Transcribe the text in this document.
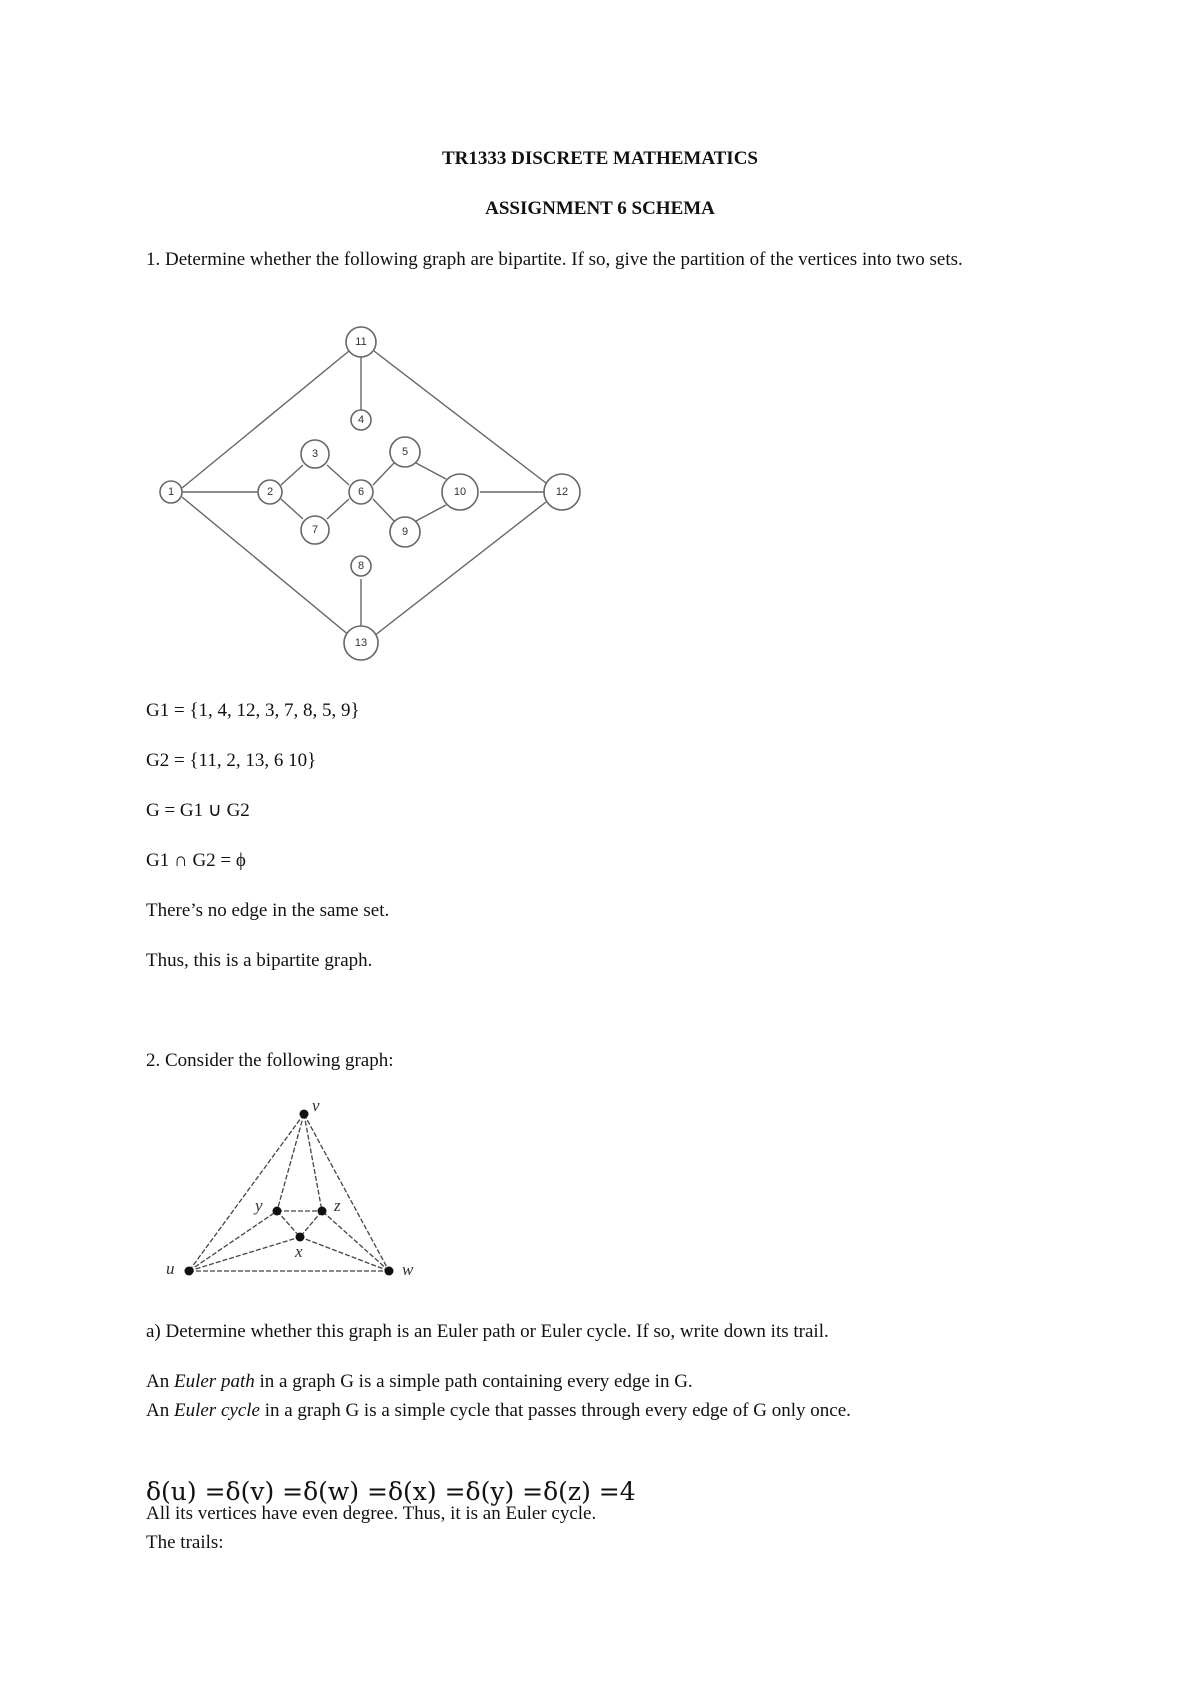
TR1333 DISCRETE MATHEMATICS

ASSIGNMENT 6 SCHEMA

1. Determine whether the following graph are bipartite. If so, give the partition of the vertices into two sets.

11
4
3	5
1	2	6	10	12
7	9
8
13

G1 = {1, 4, 12, 3, 7, 8, 5, 9}

G2 = {11, 2, 13, 6 10}

G = G1 ∪ G2

G1 ∩ G2 = ϕ

There’s no edge in the same set.

Thus, this is a bipartite graph.

2. Consider the following graph:

v
y	z
x
u	w

a) Determine whether this graph is an Euler path or Euler cycle. If so, write down its trail.

An Euler path in a graph G is a simple path containing every edge in G.

An Euler cycle in a graph G is a simple cycle that passes through every edge of G only once.

δ(u) =δ(v) =δ(w) =δ(x) =δ(y) =δ(z) =4

All its vertices have even degree. Thus, it is an Euler cycle.

The trails:
